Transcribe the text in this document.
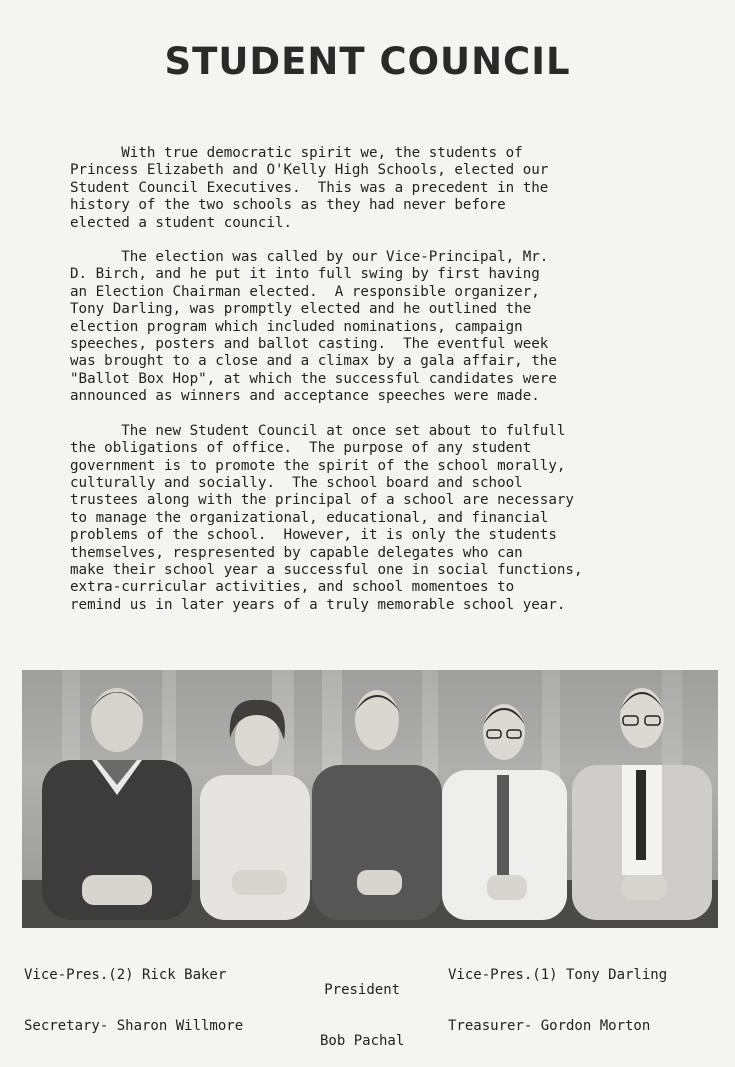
STUDENT COUNCIL

With true democratic spirit we, the students of
Princess Elizabeth and O'Kelly High Schools, elected our
Student Council Executives.  This was a precedent in the
history of the two schools as they had never before
elected a student council.

The election was called by our Vice-Principal, Mr.
D. Birch, and he put it into full swing by first having
an Election Chairman elected.  A responsible organizer,
Tony Darling, was promptly elected and he outlined the
election program which included nominations, campaign
speeches, posters and ballot casting.  The eventful week
was brought to a close and a climax by a gala affair, the
"Ballot Box Hop", at which the successful candidates were
announced as winners and acceptance speeches were made.

The new Student Council at once set about to fulfull
the obligations of office.  The purpose of any student
government is to promote the spirit of the school morally,
culturally and socially.  The school board and school
trustees along with the principal of a school are necessary
to manage the organizational, educational, and financial
problems of the school.  However, it is only the students
themselves, respresented by capable delegates who can
make their school year a successful one in social functions,
extra-curricular activities, and school momentoes to
remind us in later years of a truly memorable school year.

Vice-Pres.(2) Rick Baker

Secretary- Sharon Willmore

President

Bob Pachal

Vice-Pres.(1) Tony Darling

Treasurer- Gordon Morton
